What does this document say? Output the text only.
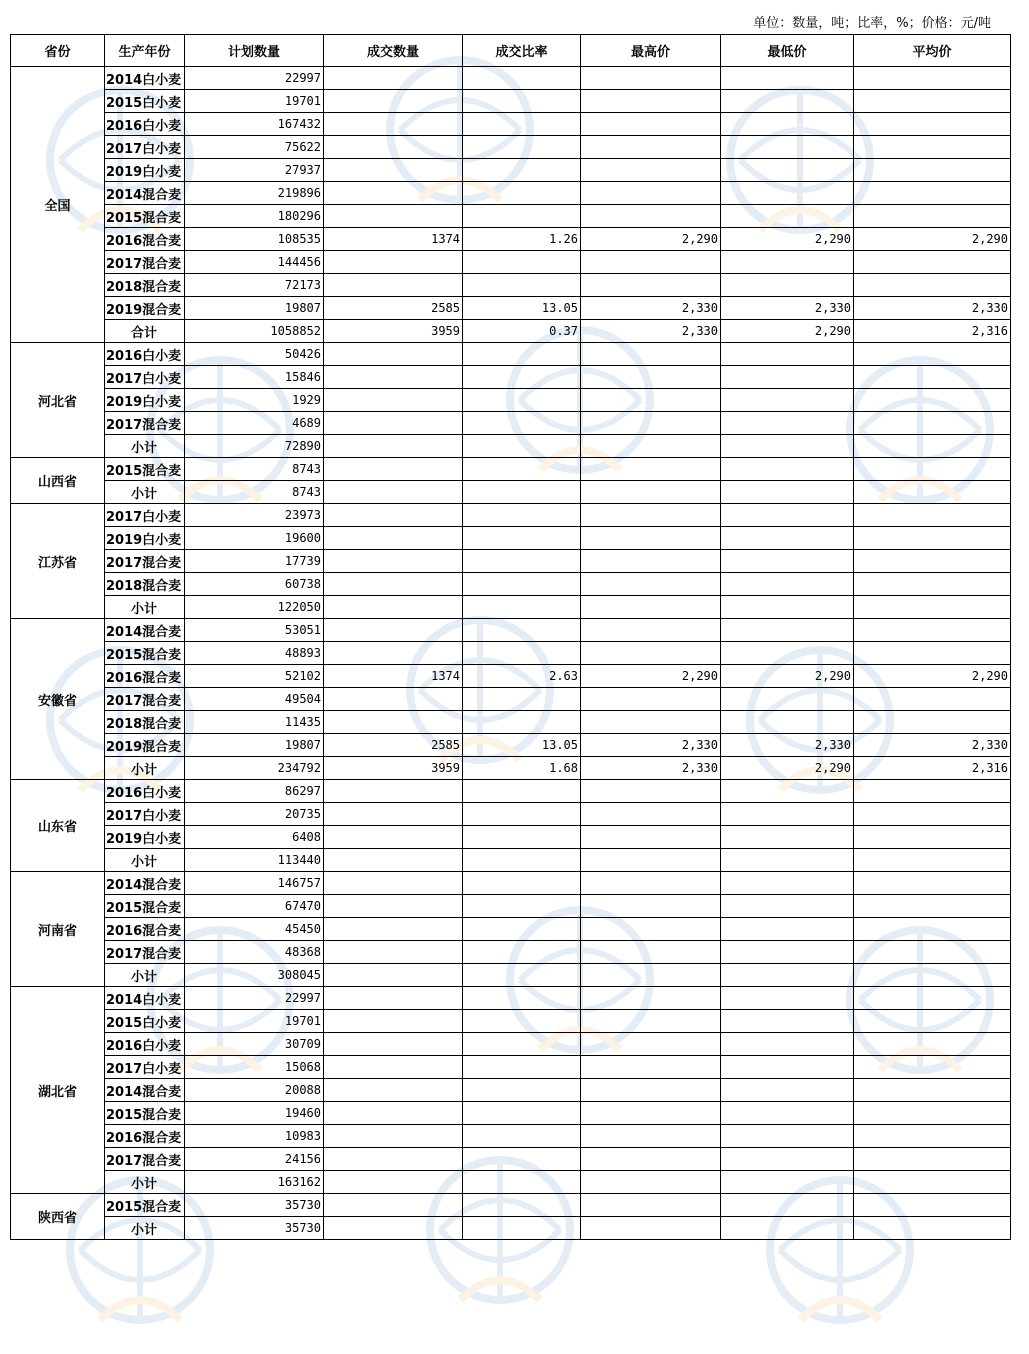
单位：数量，吨；比率，%；价格：元/吨
省份	生产年份	计划数量	成交数量	成交比率	最高价	最低价	平均价
全国	2014白小麦	22997					
	2015白小麦	19701					
	2016白小麦	167432					
	2017白小麦	75622					
	2019白小麦	27937					
	2014混合麦	219896					
	2015混合麦	180296					
	2016混合麦	108535	1374	1.26	2,290	2,290	2,290
	2017混合麦	144456					
	2018混合麦	72173					
	2019混合麦	19807	2585	13.05	2,330	2,330	2,330
	合计	1058852	3959	0.37	2,330	2,290	2,316
河北省	2016白小麦	50426					
	2017白小麦	15846					
	2019白小麦	1929					
	2017混合麦	4689					
	小计	72890					
山西省	2015混合麦	8743					
	小计	8743					
江苏省	2017白小麦	23973					
	2019白小麦	19600					
	2017混合麦	17739					
	2018混合麦	60738					
	小计	122050					
安徽省	2014混合麦	53051					
	2015混合麦	48893					
	2016混合麦	52102	1374	2.63	2,290	2,290	2,290
	2017混合麦	49504					
	2018混合麦	11435					
	2019混合麦	19807	2585	13.05	2,330	2,330	2,330
	小计	234792	3959	1.68	2,330	2,290	2,316
山东省	2016白小麦	86297					
	2017白小麦	20735					
	2019白小麦	6408					
	小计	113440					
河南省	2014混合麦	146757					
	2015混合麦	67470					
	2016混合麦	45450					
	2017混合麦	48368					
	小计	308045					
湖北省	2014白小麦	22997					
	2015白小麦	19701					
	2016白小麦	30709					
	2017白小麦	15068					
	2014混合麦	20088					
	2015混合麦	19460					
	2016混合麦	10983					
	2017混合麦	24156					
	小计	163162					
陕西省	2015混合麦	35730					
	小计	35730					
